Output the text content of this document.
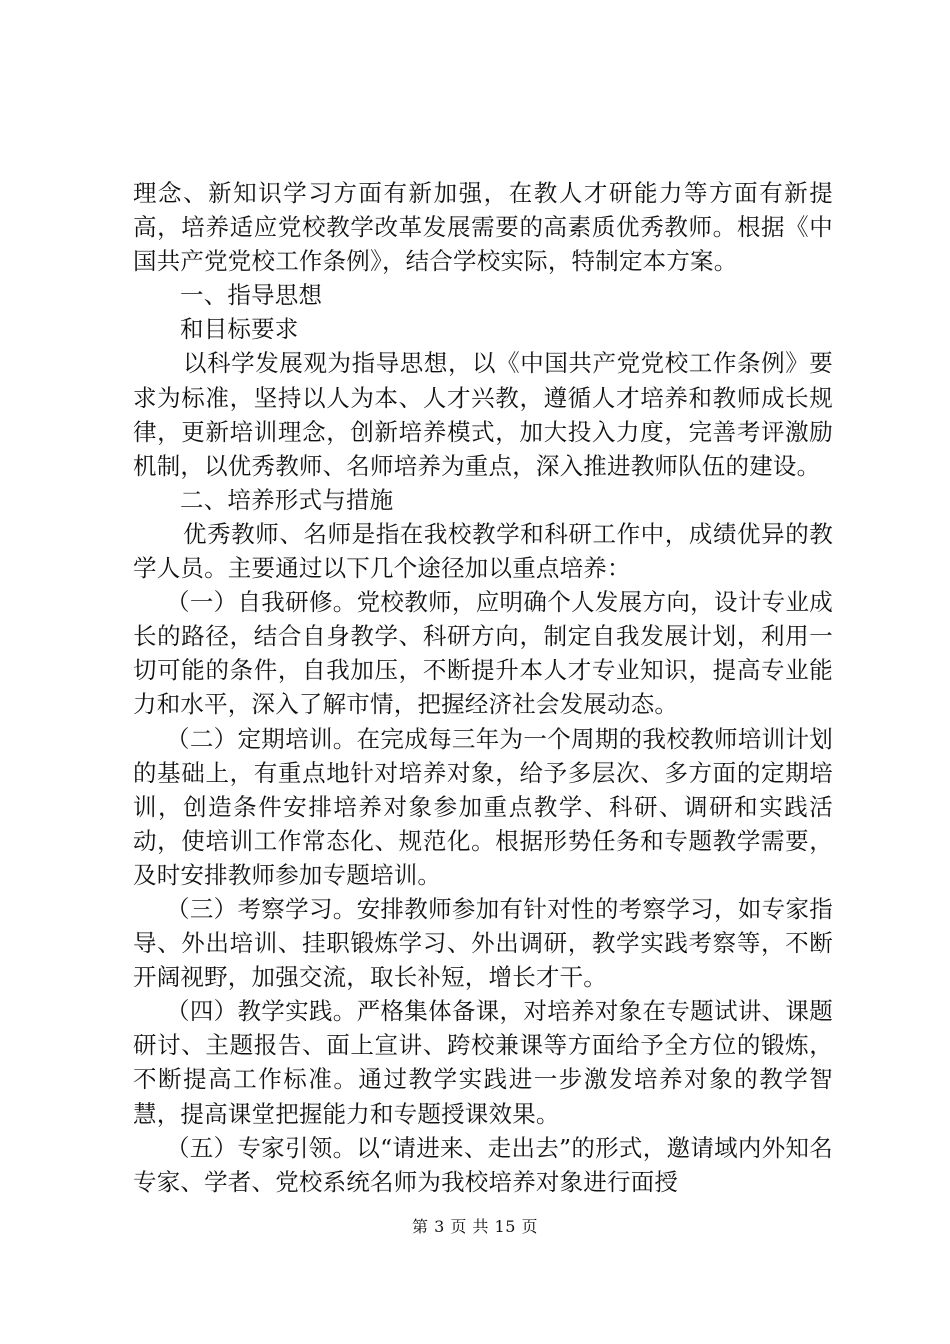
理念、新知识学习方面有新加强，在教人才研能力等方面有新提高，培养适应党校教学改革发展需要的高素质优秀教师。根据《中国共产党党校工作条例》，结合学校实际，特制定本方案。

一、指导思想

和目标要求

以科学发展观为指导思想，以《中国共产党党校工作条例》要求为标准，坚持以人为本、人才兴教，遵循人才培养和教师成长规律，更新培训理念，创新培养模式，加大投入力度，完善考评激励机制，以优秀教师、名师培养为重点，深入推进教师队伍的建设。

二、培养形式与措施

优秀教师、名师是指在我校教学和科研工作中，成绩优异的教学人员。主要通过以下几个途径加以重点培养：

（一）自我研修。党校教师，应明确个人发展方向，设计专业成长的路径，结合自身教学、科研方向，制定自我发展计划，利用一切可能的条件，自我加压，不断提升本人才专业知识，提高专业能力和水平，深入了解市情，把握经济社会发展动态。

（二）定期培训。在完成每三年为一个周期的我校教师培训计划的基础上，有重点地针对培养对象，给予多层次、多方面的定期培训，创造条件安排培养对象参加重点教学、科研、调研和实践活动，使培训工作常态化、规范化。根据形势任务和专题教学需要，及时安排教师参加专题培训。

（三）考察学习。安排教师参加有针对性的考察学习，如专家指导、外出培训、挂职锻炼学习、外出调研，教学实践考察等，不断开阔视野，加强交流，取长补短，增长才干。

（四）教学实践。严格集体备课，对培养对象在专题试讲、课题研讨、主题报告、面上宣讲、跨校兼课等方面给予全方位的锻炼，不断提高工作标准。通过教学实践进一步激发培养对象的教学智慧，提高课堂把握能力和专题授课效果。

（五）专家引领。以“请进来、走出去”的形式，邀请域内外知名专家、学者、党校系统名师为我校培养对象进行面授

第 3 页 共 15 页
